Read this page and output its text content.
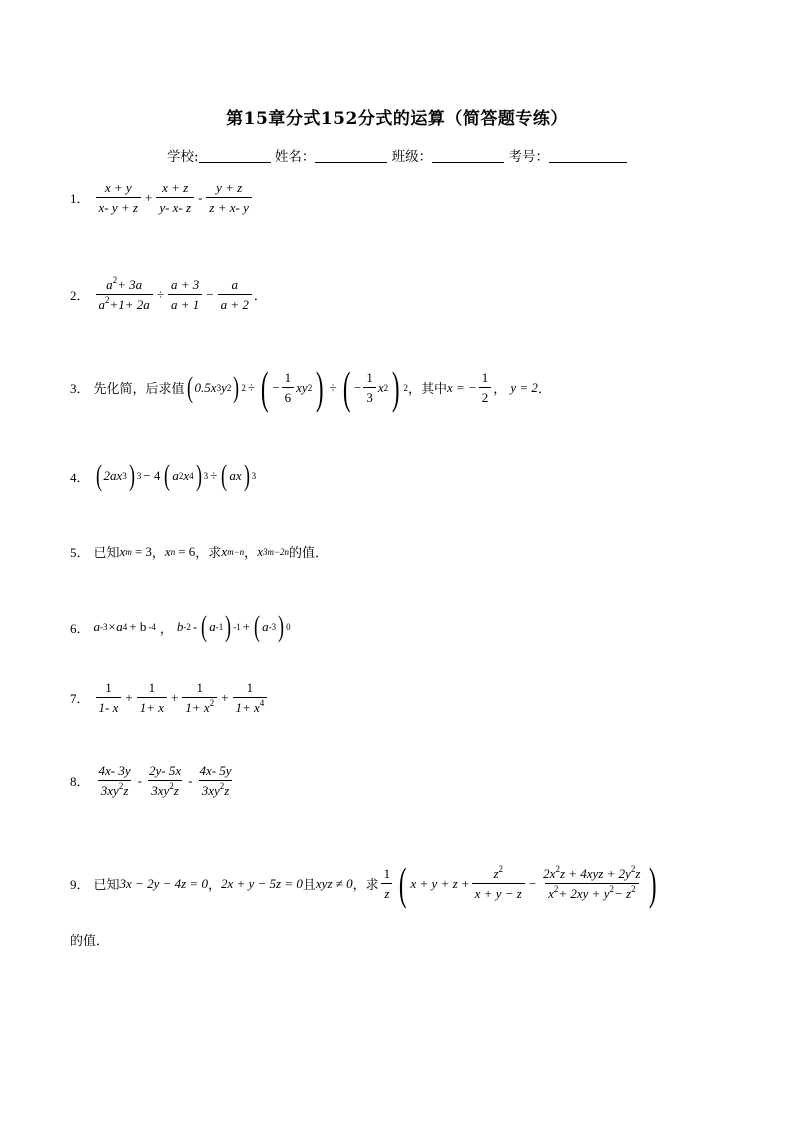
第15章分式152分式的运算（简答题专练）
学校:	姓名：	班级：	考号：
1． $\frac{x + y}{x- y + z} + \frac{x + z}{y- x- z} - \frac{y + z}{z + x- y}$
2． $\frac{a^2+ 3a}{a^2+1+ 2a} \div \frac{a + 3}{a + 1} - \frac{a}{a + 2}$ ．
3． 先化简，后求值 ( 0.5x 3 y 2 ) 2 ÷ ( − $\frac{1}{6}$ xy 2 ) ÷ ( − $\frac{1}{3}$ x 2 ) 2 ，其中 x = − $\frac{1}{2}$ ， y = 2 ．
4． ( 2ax 3 ) 3 − 4 ( a 2 x 4 ) 3 ÷ ( ax ) 3
5． 已知 x m = 3 ， x n = 6 ，求 x m−n ， x 3m−2n 的值．
6． a -3 ×a 4 + b -4 ， b -2 - ( a -1 ) -1 + ( a -3 ) 0
7． $\frac{1}{1- x} + \frac{1}{1+ x} + \frac{1}{1+ x^2} + \frac{1}{1+ x^4}$
8． $\frac{4x- 3y}{3xy^2z} - \frac{2y- 5x}{3xy^2z} - \frac{4x- 5y}{3xy^2z}$
9． 已知 3x − 2y − 4z = 0 ， 2x + y − 5z = 0 且 xyz ≠ 0 ，求 $\frac{1}{z}$ ( $x + y + z + \frac{z^2}{x + y - z} - \frac{2x^2z + 4xyz + 2y^2z}{x^2+ 2xy + y^2- z^2}$ )
的值．
